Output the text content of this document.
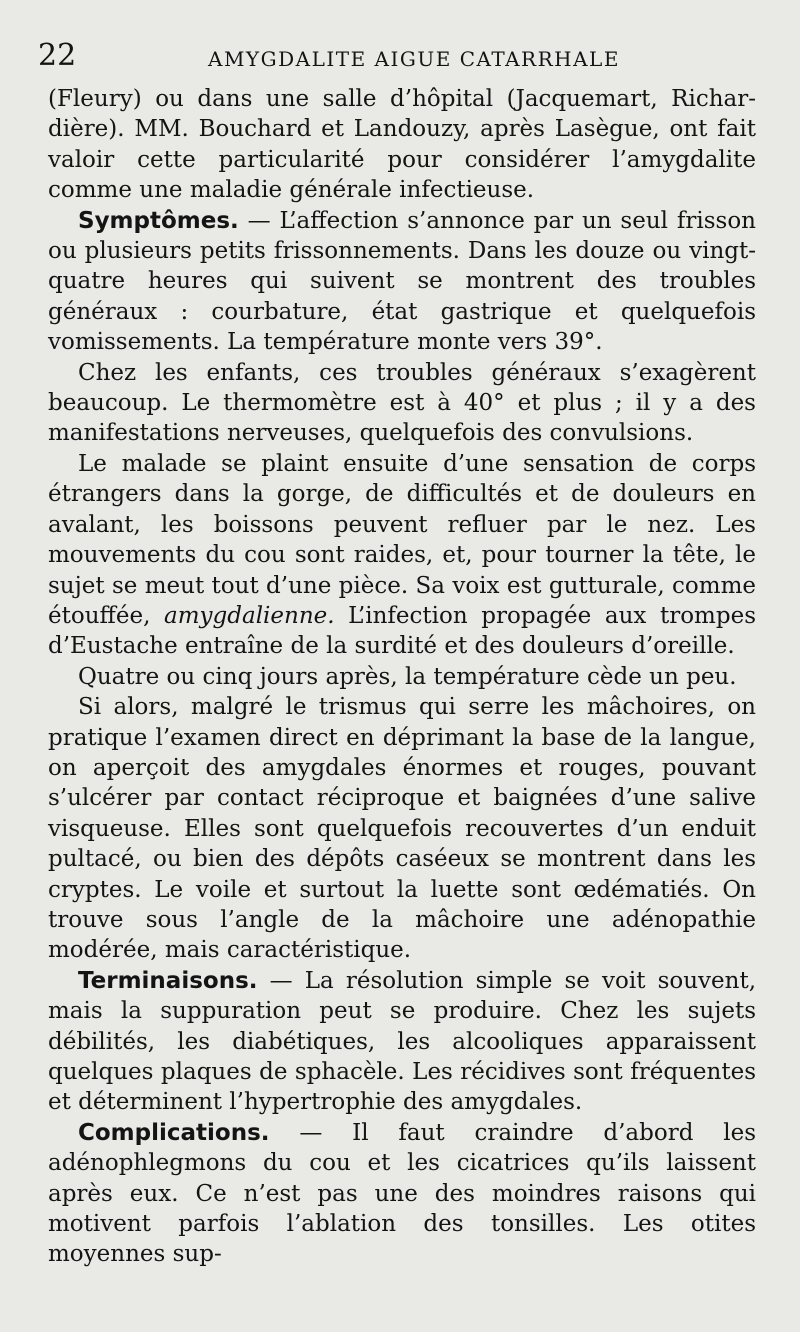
22	AMYGDALITE AIGUE CATARRHALE

(Fleury) ou dans une salle d’hôpital (Jacquemart, Richar-dière). MM. Bouchard et Landouzy, après Lasègue, ont fait valoir cette particularité pour considérer l’amygdalite comme une maladie générale infectieuse.

Symptômes. — L’affection s’annonce par un seul frisson ou plusieurs petits frissonnements. Dans les douze ou vingt-quatre heures qui suivent se montrent des troubles généraux : courbature, état gastrique et quelquefois vomissements. La température monte vers 39°.

Chez les enfants, ces troubles généraux s’exagèrent beaucoup. Le thermomètre est à 40° et plus ; il y a des manifestations nerveuses, quelquefois des convulsions.

Le malade se plaint ensuite d’une sensation de corps étrangers dans la gorge, de difficultés et de douleurs en avalant, les boissons peuvent refluer par le nez. Les mouvements du cou sont raides, et, pour tourner la tête, le sujet se meut tout d’une pièce. Sa voix est gutturale, comme étouffée, amygdalienne. L’infection propagée aux trompes d’Eustache entraîne de la surdité et des douleurs d’oreille.

Quatre ou cinq jours après, la température cède un peu.

Si alors, malgré le trismus qui serre les mâchoires, on pratique l’examen direct en déprimant la base de la langue, on aperçoit des amygdales énormes et rouges, pouvant s’ulcérer par contact réciproque et baignées d’une salive visqueuse. Elles sont quelquefois recouvertes d’un enduit pultacé, ou bien des dépôts caséeux se montrent dans les cryptes. Le voile et surtout la luette sont œdématiés. On trouve sous l’angle de la mâchoire une adénopathie modérée, mais caractéristique.

Terminaisons. — La résolution simple se voit souvent, mais la suppuration peut se produire. Chez les sujets débilités, les diabétiques, les alcooliques apparaissent quelques plaques de sphacèle. Les récidives sont fréquentes et déterminent l’hypertrophie des amygdales.

Complications. — Il faut craindre d’abord les adénophlegmons du cou et les cicatrices qu’ils laissent après eux. Ce n’est pas une des moindres raisons qui motivent parfois l’ablation des tonsilles. Les otites moyennes sup-
